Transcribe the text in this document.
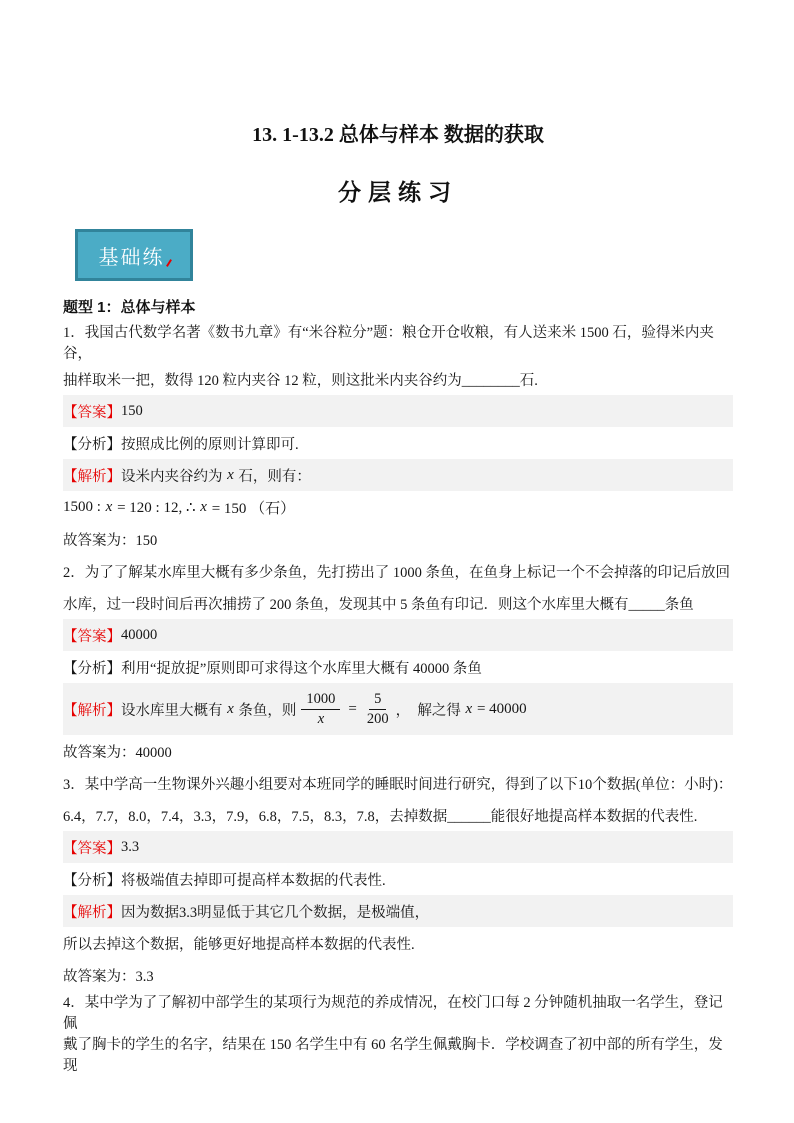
13. 1-13.2 总体与样本 数据的获取
分层练习
基础练
题型 1：总体与样本

1．我国古代数学名著《数书九章》有“米谷粒分”题：粮仓开仓收粮，有人送来米 1500 石，验得米内夹谷，

抽样取米一把，数得 120 粒内夹谷 12 粒，则这批米内夹谷约为________石.

【答案】 150

【分析】 按照成比例的原则计算即可.

【解析】 设米内夹谷约为 x 石，则有：

1500 : x = 120 : 12, ∴ x = 150 （石）

故答案为：150

2．为了了解某水库里大概有多少条鱼，先打捞出了 1000 条鱼，在鱼身上标记一个不会掉落的印记后放回

水库，过一段时间后再次捕捞了 200 条鱼，发现其中 5 条鱼有印记．则这个水库里大概有_____条鱼

【答案】 40000

【分析】 利用“捉放捉”原则即可求得这个水库里大概有 40000 条鱼

【解析】 设水库里大概有 x 条鱼，则 $\frac{1000}{x} = \frac{5}{200}$ ，  解之得 x = 40000

故答案为：40000

3．某中学高一生物课外兴趣小组要对本班同学的睡眠时间进行研究，得到了以下10个数据(单位：小时)：

6.4，7.7，8.0，7.4，3.3，7.9，6.8，7.5，8.3，7.8，去掉数据______能很好地提高样本数据的代表性.

【答案】 3.3

【分析】 将极端值去掉即可提高样本数据的代表性.

【解析】 因为数据3.3明显低于其它几个数据，是极端值，

所以去掉这个数据，能够更好地提高样本数据的代表性.

故答案为：3.3

4．某中学为了了解初中部学生的某项行为规范的养成情况，在校门口每 2 分钟随机抽取一名学生，登记佩

戴了胸卡的学生的名字，结果在 150 名学生中有 60 名学生佩戴胸卡．学校调查了初中部的所有学生，发现
